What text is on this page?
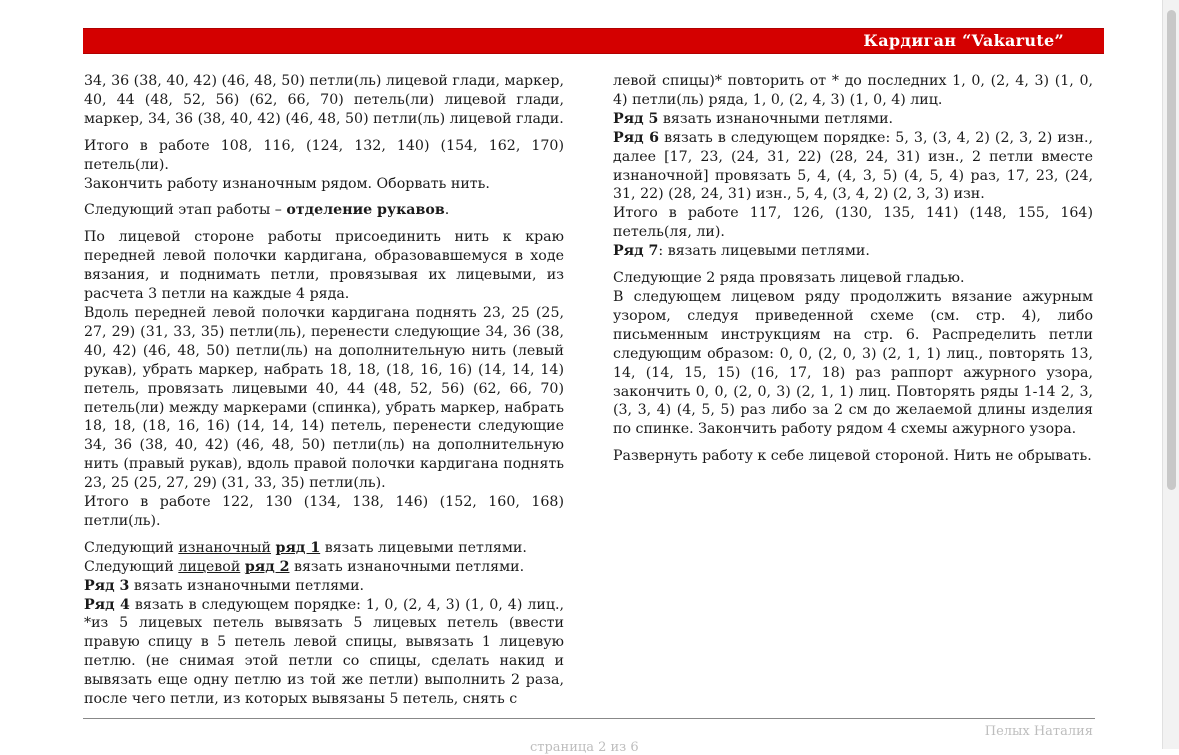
Кардиган “Vakarute”

34, 36 (38, 40, 42) (46, 48, 50) петли(ль) лицевой глади, маркер, 40, 44 (48, 52, 56) (62, 66, 70) петель(ли) лицевой глади, маркер, 34, 36 (38, 40, 42) (46, 48, 50) петли(ль) лицевой глади.

Итого в работе 108, 116, (124, 132, 140) (154, 162, 170) петель(ли).

Закончить работу изнаночным рядом. Оборвать нить.

Следующий этап работы – отделение рукавов.

По лицевой стороне работы присоединить нить к краю передней левой полочки кардигана, образовавшемуся в ходе вязания, и поднимать петли, провязывая их лицевыми, из расчета 3 петли на каждые 4 ряда.

Вдоль передней левой полочки кардигана поднять 23, 25 (25, 27, 29) (31, 33, 35) петли(ль), перенести следующие 34, 36 (38, 40, 42) (46, 48, 50) петли(ль) на дополнительную нить (левый рукав), убрать маркер, набрать 18, 18, (18, 16, 16) (14, 14, 14) петель, провязать лицевыми 40, 44 (48, 52, 56) (62, 66, 70) петель(ли) между маркерами (спинка), убрать маркер, набрать 18, 18, (18, 16, 16) (14, 14, 14) петель, перенести следующие 34, 36 (38, 40, 42) (46, 48, 50) петли(ль) на дополнительную нить (правый рукав), вдоль правой полочки кардигана поднять 23, 25 (25, 27, 29) (31, 33, 35) петли(ль).

Итого в работе 122, 130 (134, 138, 146) (152, 160, 168) петли(ль).

Следующий изнаночный ряд 1 вязать лицевыми петлями.

Следующий лицевой ряд 2 вязать изнаночными петлями.

Ряд 3 вязать изнаночными петлями.

Ряд 4 вязать в следующем порядке: 1, 0, (2, 4, 3) (1, 0, 4) лиц., *из 5 лицевых петель вывязать 5 лицевых петель (ввести правую спицу в 5 петель левой спицы, вывязать 1 лицевую петлю. (не снимая этой петли со спицы, сделать накид и вывязать еще одну петлю из той же петли) выполнить 2 раза, после чего петли, из которых вывязаны 5 петель, снять с

левой спицы)* повторить от * до последних 1, 0, (2, 4, 3) (1, 0, 4) петли(ль) ряда, 1, 0, (2, 4, 3) (1, 0, 4) лиц.

Ряд 5 вязать изнаночными петлями.

Ряд 6 вязать в следующем порядке: 5, 3, (3, 4, 2) (2, 3, 2) изн., далее [17, 23, (24, 31, 22) (28, 24, 31) изн., 2 петли вместе изнаночной] провязать 5, 4, (4, 3, 5) (4, 5, 4) раз, 17, 23, (24, 31, 22) (28, 24, 31) изн., 5, 4, (3, 4, 2) (2, 3, 3) изн.

Итого в работе 117, 126, (130, 135, 141) (148, 155, 164) петель(ля, ли).

Ряд 7: вязать лицевыми петлями.

Следующие 2 ряда провязать лицевой гладью.

В следующем лицевом ряду продолжить вязание ажурным узором, следуя приведенной схеме (см. стр. 4), либо письменным инструкциям на стр. 6. Распределить петли следующим образом: 0, 0, (2, 0, 3) (2, 1, 1) лиц., повторять 13, 14, (14, 15, 15) (16, 17, 18) раз раппорт ажурного узора, закончить 0, 0, (2, 0, 3) (2, 1, 1) лиц. Повторять ряды 1-14 2, 3, (3, 3, 4) (4, 5, 5) раз либо за 2 см до желаемой длины изделия по спинке. Закончить работу рядом 4 схемы ажурного узора.

Развернуть работу к себе лицевой стороной. Нить не обрывать.

Пелых Наталия
страница 2 из 6
